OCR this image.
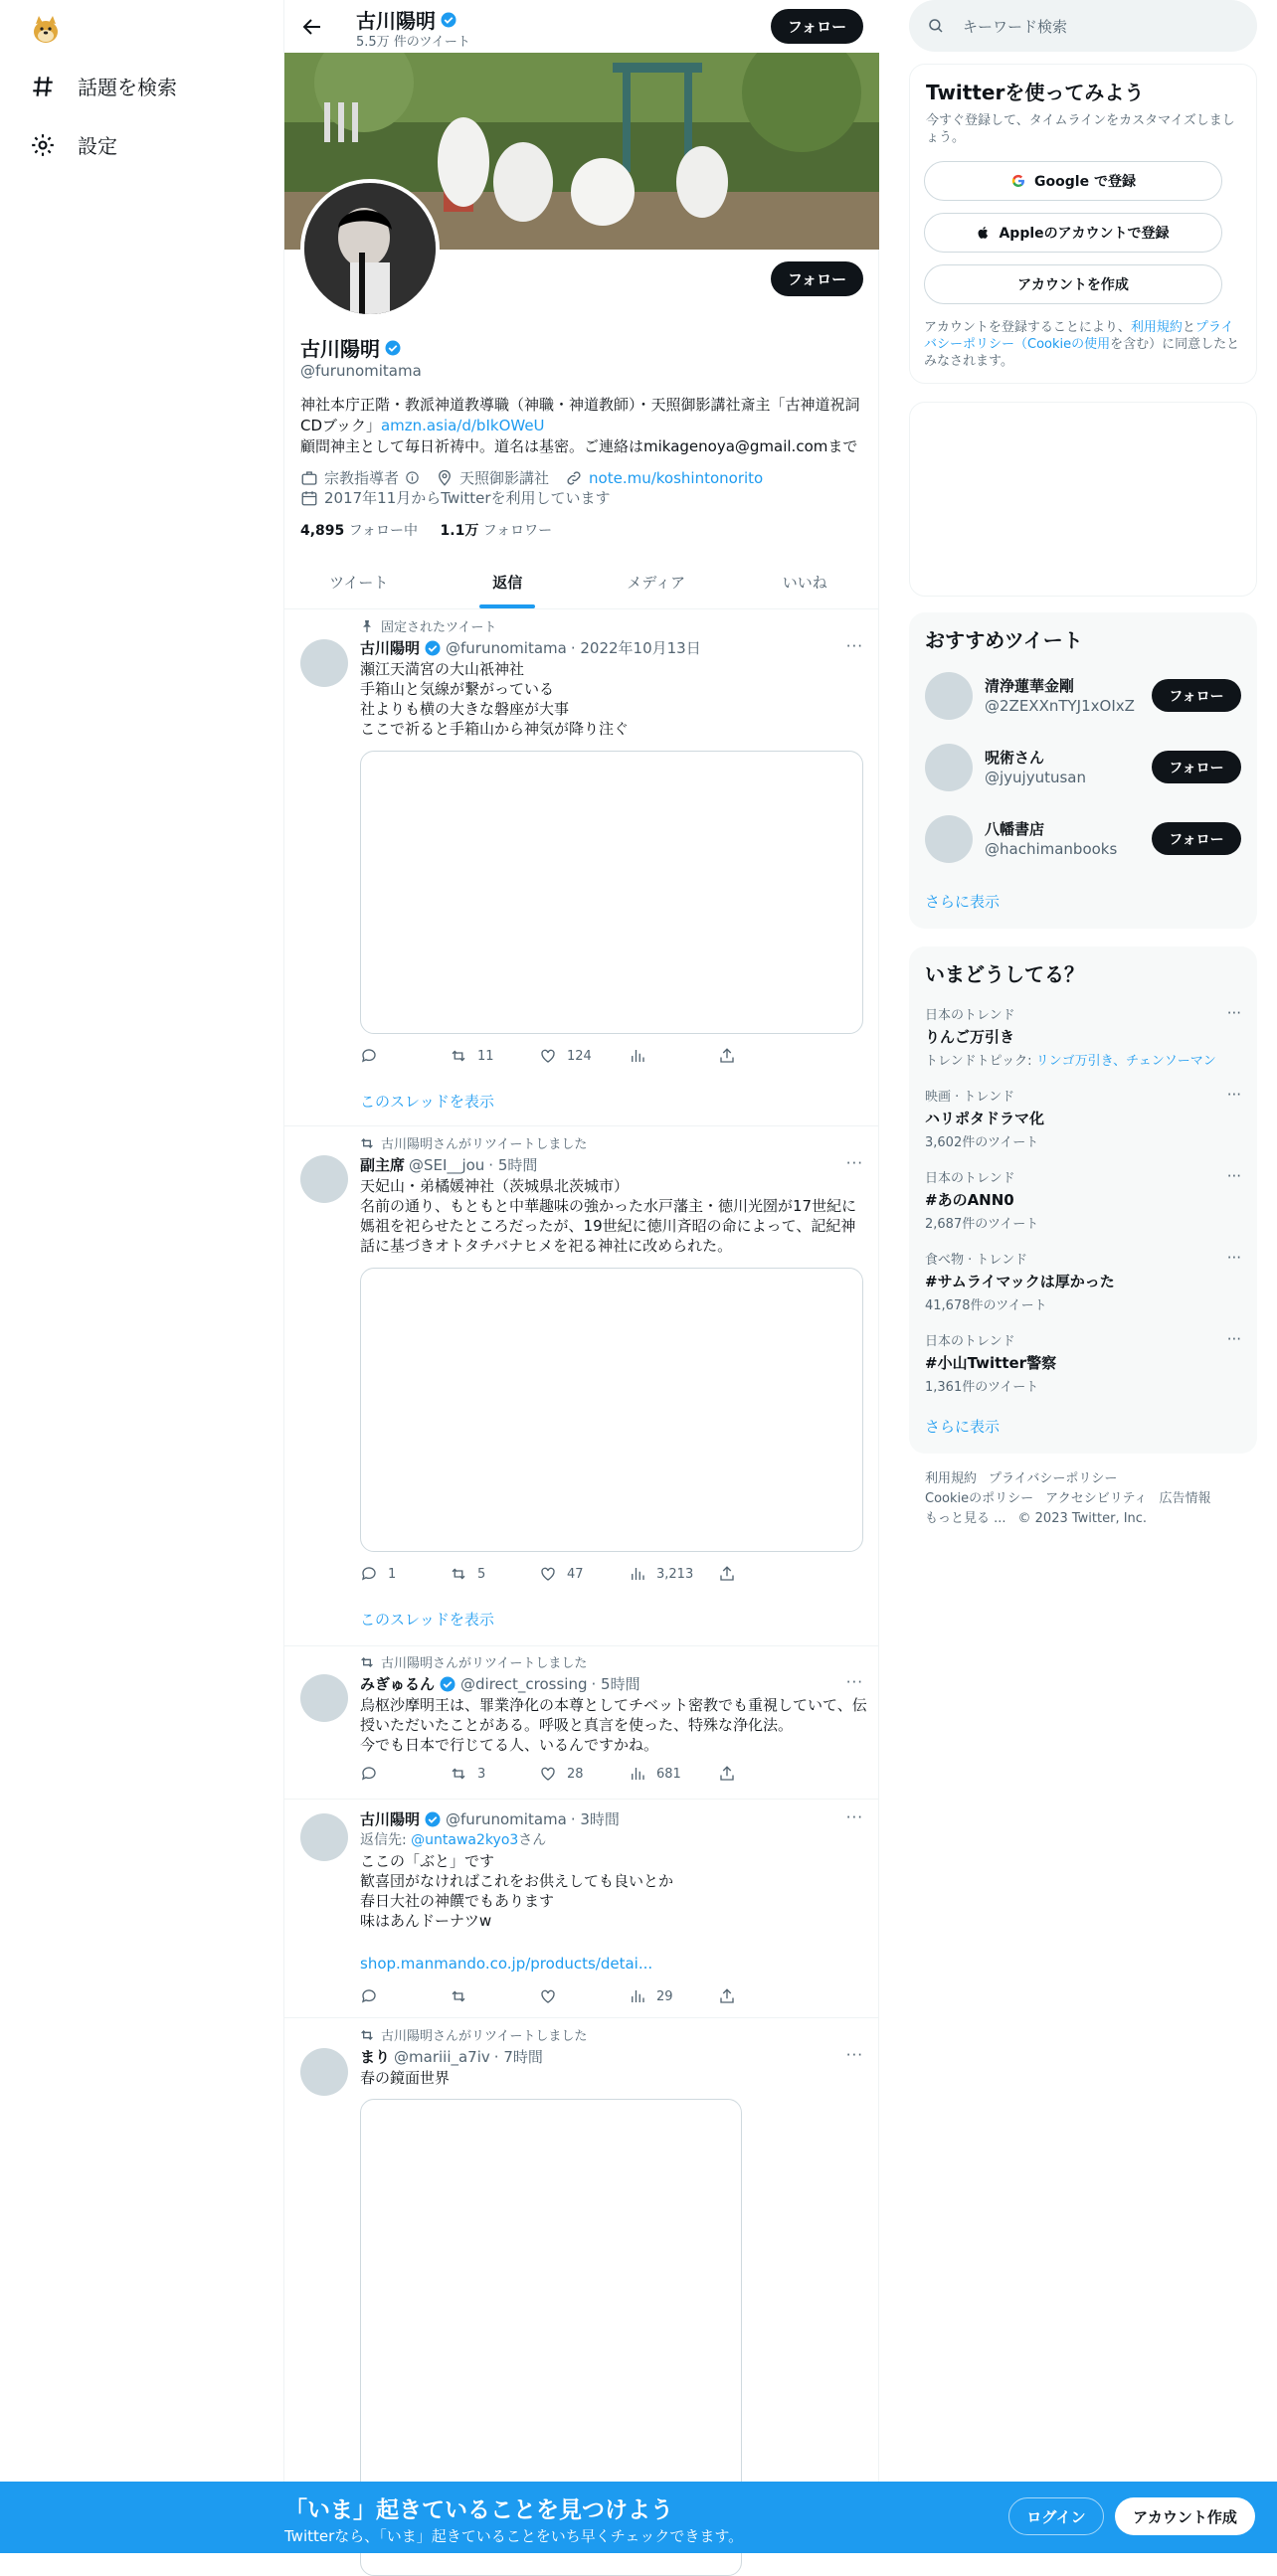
話題を検索
設定
古川陽明
5.5万 件のツイート
フォロー
フォロー
古川陽明
@furunomitama
神社本庁正階・教派神道教導職（神職・神道教師）・天照御影講社斎主「古神道祝詞CDブック」amzn.asia/d/bIkOWeU
顧問神主として毎日祈祷中。道名は基密。ご連絡はmikagenoya@gmail.comまで
宗教指導者	天照御影講社	note.mu/koshintonorito
2017年11月からTwitterを利用しています
4,895 フォロー中 1.1万 フォロワー
ツイート	返信	メディア	いいね
固定されたツイート
古川陽明 @furunomitama · 2022年10月13日	···
瀬江天満宮の大山祇神社
手箱山と気線が繋がっている
社よりも横の大きな磐座が大事
ここで祈ると手箱山から神気が降り注ぐ
11	124
このスレッドを表示
古川陽明さんがリツイートしました
副主席 @SEI__jou · 5時間	···
天妃山・弟橘媛神社（茨城県北茨城市）
名前の通り、もともと中華趣味の強かった水戸藩主・徳川光圀が17世紀に媽祖を祀らせたところだったが、19世紀に徳川斉昭の命によって、記紀神話に基づきオトタチバナヒメを祀る神社に改められた。
1	5	47	3,213
このスレッドを表示
古川陽明さんがリツイートしました
みぎゅるん @direct_crossing · 5時間	···
烏枢沙摩明王は、罪業浄化の本尊としてチベット密教でも重視していて、伝授いただいたことがある。呼吸と真言を使った、特殊な浄化法。
今でも日本で行じてる人、いるんですかね。
3	28	681
古川陽明 @furunomitama · 3時間	···
返信先: @untawa2kyo3さん
ここの「ぶと」です
歓喜団がなければこれをお供えしても良いとか
春日大社の神饌でもあります
味はあんドーナツw
shop.manmando.co.jp/products/detai...
29
古川陽明さんがリツイートしました
まり @mariii_a7iv · 7時間	···
春の鏡面世界
キーワード検索
Twitterを使ってみよう
今すぐ登録して、タイムラインをカスタマイズしましょう。
Google で登録
Appleのアカウントで登録
アカウントを作成
アカウントを登録することにより、利用規約とプライバシーポリシー（Cookieの使用を含む）に同意したとみなされます。
おすすめツイート
清浄蓮華金剛
@2ZEXXnTYJ1xOIxZ
フォロー
呪術さん
@jyujyutusan
フォロー
八幡書店
@hachimanbooks
フォロー
さらに表示
いまどうしてる？
日本のトレンド
りんご万引き
トレンドトピック: リンゴ万引き、チェンソーマン
···
映画 · トレンド
ハリポタドラマ化
3,602件のツイート
···
日本のトレンド
#あのANN0
2,687件のツイート
···
食べ物 · トレンド
#サムライマックは厚かった
41,678件のツイート
···
日本のトレンド
#小山Twitter警察
1,361件のツイート
···
さらに表示
利用規約 プライバシーポリシー
Cookieのポリシー アクセシビリティ 広告情報
もっと見る ... © 2023 Twitter, Inc.
「いま」起きていることを見つけよう
Twitterなら、「いま」起きていることをいち早くチェックできます。
ログイン	アカウント作成
